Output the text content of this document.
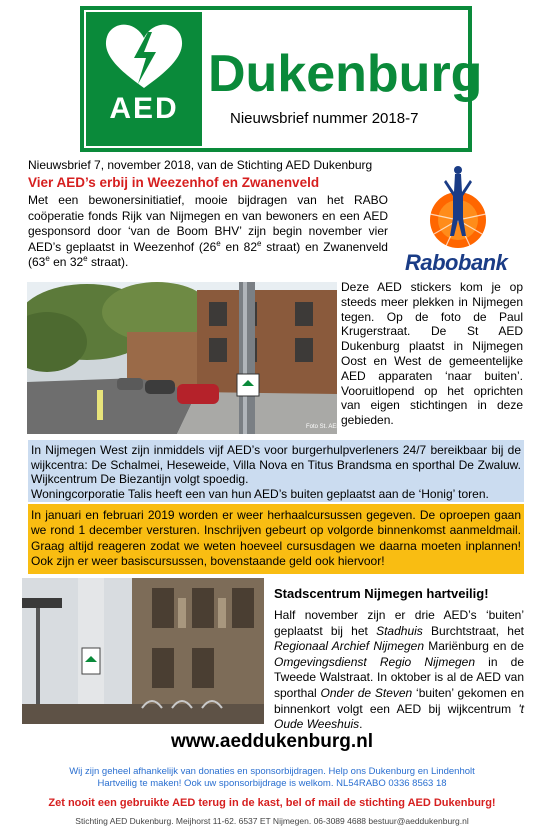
AED
Dukenburg
Nieuwsbrief nummer 2018-7
Nieuwsbrief 7, november 2018, van de Stichting AED Dukenburg
Vier AED’s erbij in Weezenhof en Zwanenveld
Met een bewonersinitiatief, mooie bijdragen van het RABO coöperatie fonds Rijk van Nijmegen en van bewoners en een AED gesponsord door ‘van de Boom BHV’ zijn begin november vier AED’s geplaatst in Weezenhof (26e en 82e straat) en Zwanenveld (63e en 32e straat).	Rabobank
Foto St. AED
Deze AED stickers kom je op steeds meer plekken in Nijmegen tegen. Op de foto de Paul Krugerstraat. De St AED Dukenburg plaatst in Nijmegen Oost en West de gemeentelijke AED apparaten ‘naar buiten’. Vooruitlopend op het oprichten van eigen stichtingen in deze gebieden.
In Nijmegen West zijn inmiddels vijf AED’s voor burgerhulpverleners 24/7 bereikbaar bij de wijkcentra: De Schalmei, Heseweide, Villa Nova en Titus Brandsma en sporthal De Zwaluw. Wijkcentrum De Biezantijn volgt spoedig.
Woningcorporatie Talis heeft een van hun AED’s buiten geplaatst aan de ‘Honig’ toren.
In januari en februari 2019 worden er weer herhaalcursussen gegeven. De oproepen gaan we rond 1 december versturen. Inschrijven gebeurt op volgorde binnenkomst aanmeldmail. Graag altijd reageren zodat we weten hoeveel cursusdagen we daarna moeten inplannen! Ook zijn er weer basiscursussen, bovenstaande geld ook hiervoor!
Stadscentrum Nijmegen hartveilig!
Half november zijn er drie AED’s ‘buiten’ geplaatst bij het Stadhuis Burchtstraat, het Regionaal Archief Nijmegen Mariënburg en de Omgevingsdienst Regio Nijmegen in de Tweede Walstraat. In oktober is al de AED van sporthal Onder de Steven ‘buiten’ gekomen en binnenkort volgt een AED bij wijkcentrum 't Oude Weeshuis.
www.aeddukenburg.nl
Wij zijn geheel afhankelijk van donaties en sponsorbijdragen. Help ons Dukenburg en Lindenholt
Hartveilig te maken! Ook uw sponsorbijdrage is welkom. NL54RABO 0336 8563 18
Zet nooit een gebruikte AED terug in de kast, bel of mail de stichting AED Dukenburg!
Stichting AED Dukenburg. Meijhorst 11-62. 6537 ET Nijmegen. 06-3089 4688 bestuur@aeddukenburg.nl
